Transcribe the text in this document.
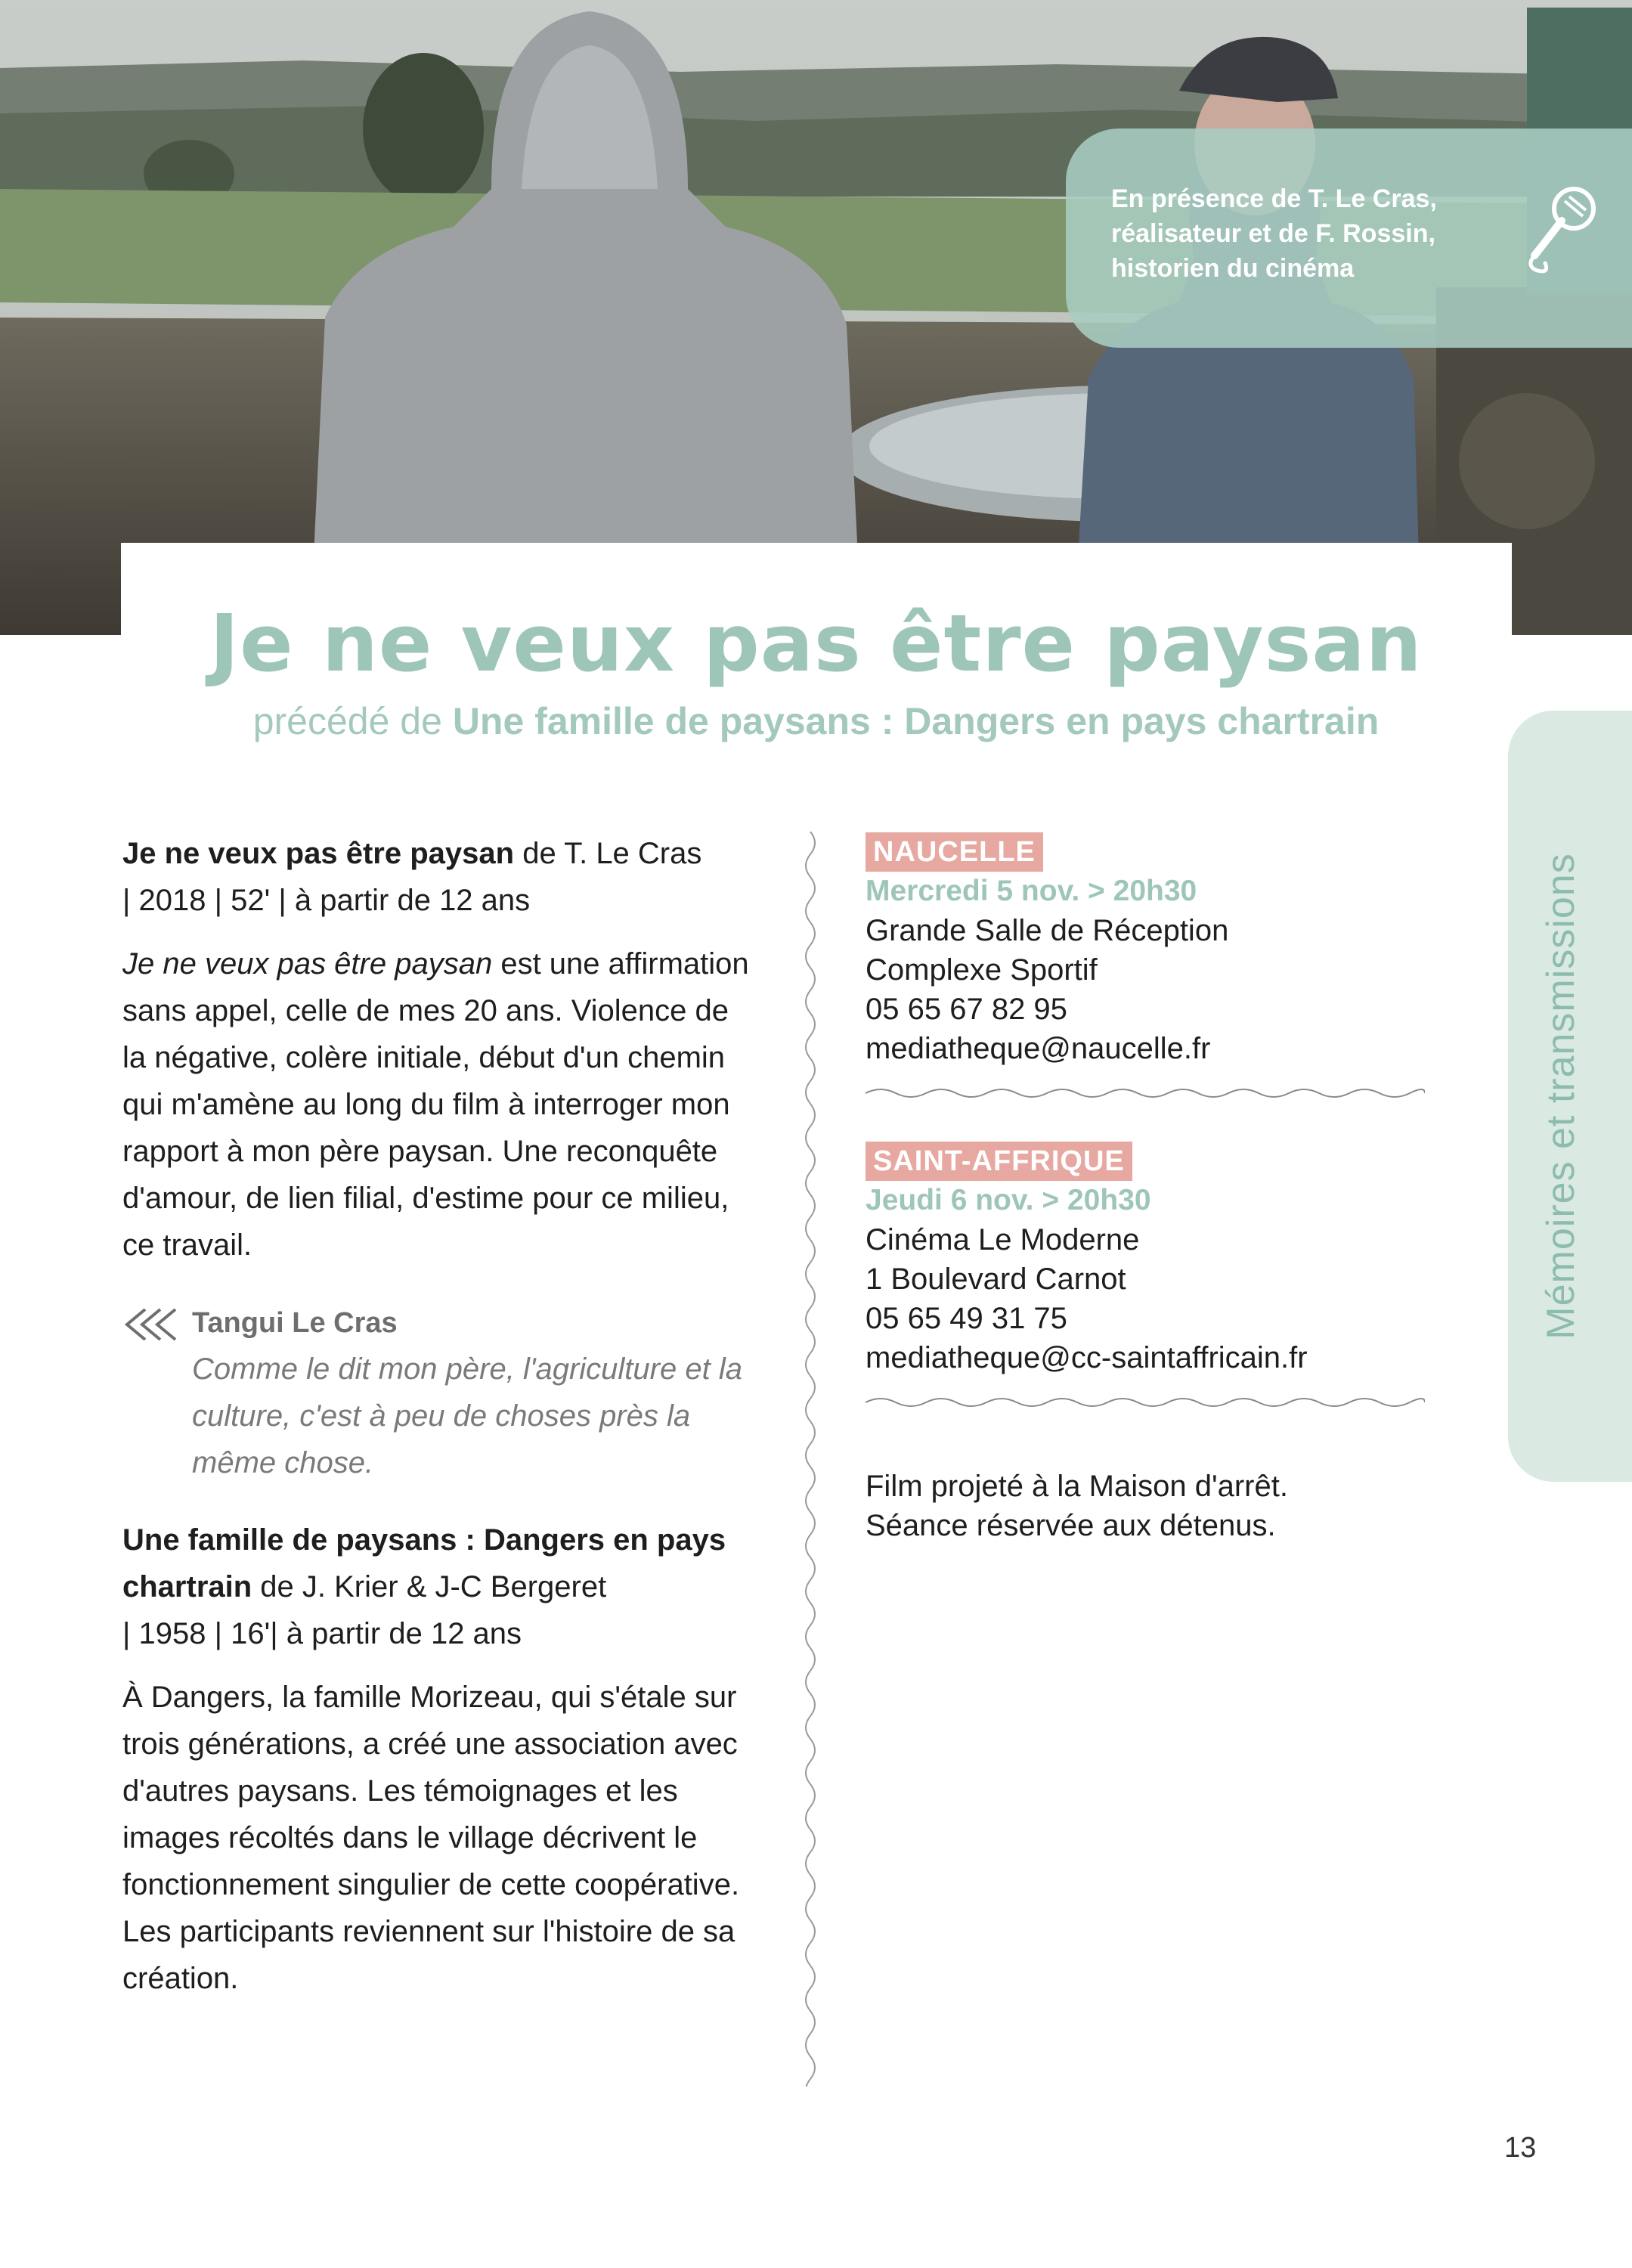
En présence de T. Le Cras, réalisateur et de F. Rossin, historien du cinéma
Mémoires et transmissions
Je ne veux pas être paysan
précédé de Une famille de paysans : Dangers en pays chartrain

Je ne veux pas être paysan de T. Le Cras

| 2018 | 52' | à partir de 12 ans

Je ne veux pas être paysan est une affirmation sans appel, celle de mes 20 ans. Violence de la négative, colère initiale, début d'un chemin qui m'amène au long du film à interroger mon rapport à mon père paysan. Une reconquête d'amour, de lien filial, d'estime pour ce milieu, ce travail.

Tangui Le Cras
Comme le dit mon père, l'agriculture et la culture, c'est à peu de choses près la même chose.

Une famille de paysans : Dangers en pays chartrain de J. Krier & J-C Bergeret

| 1958 | 16'| à partir de 12 ans

À Dangers, la famille Morizeau, qui s'étale sur trois générations, a créé une association avec d'autres paysans. Les témoignages et les images récoltés dans le village décrivent le fonctionnement singulier de cette coopérative. Les participants reviennent sur l'histoire de sa création.

NAUCELLE
Mercredi 5 nov. > 20h30
Grande Salle de Réception
Complexe Sportif
05 65 67 82 95
mediatheque@naucelle.fr
SAINT-AFFRIQUE
Jeudi 6 nov. > 20h30
Cinéma Le Moderne
1 Boulevard Carnot
05 65 49 31 75
mediatheque@cc-saintaffricain.fr
Film projeté à la Maison d'arrêt.
Séance réservée aux détenus.
13
